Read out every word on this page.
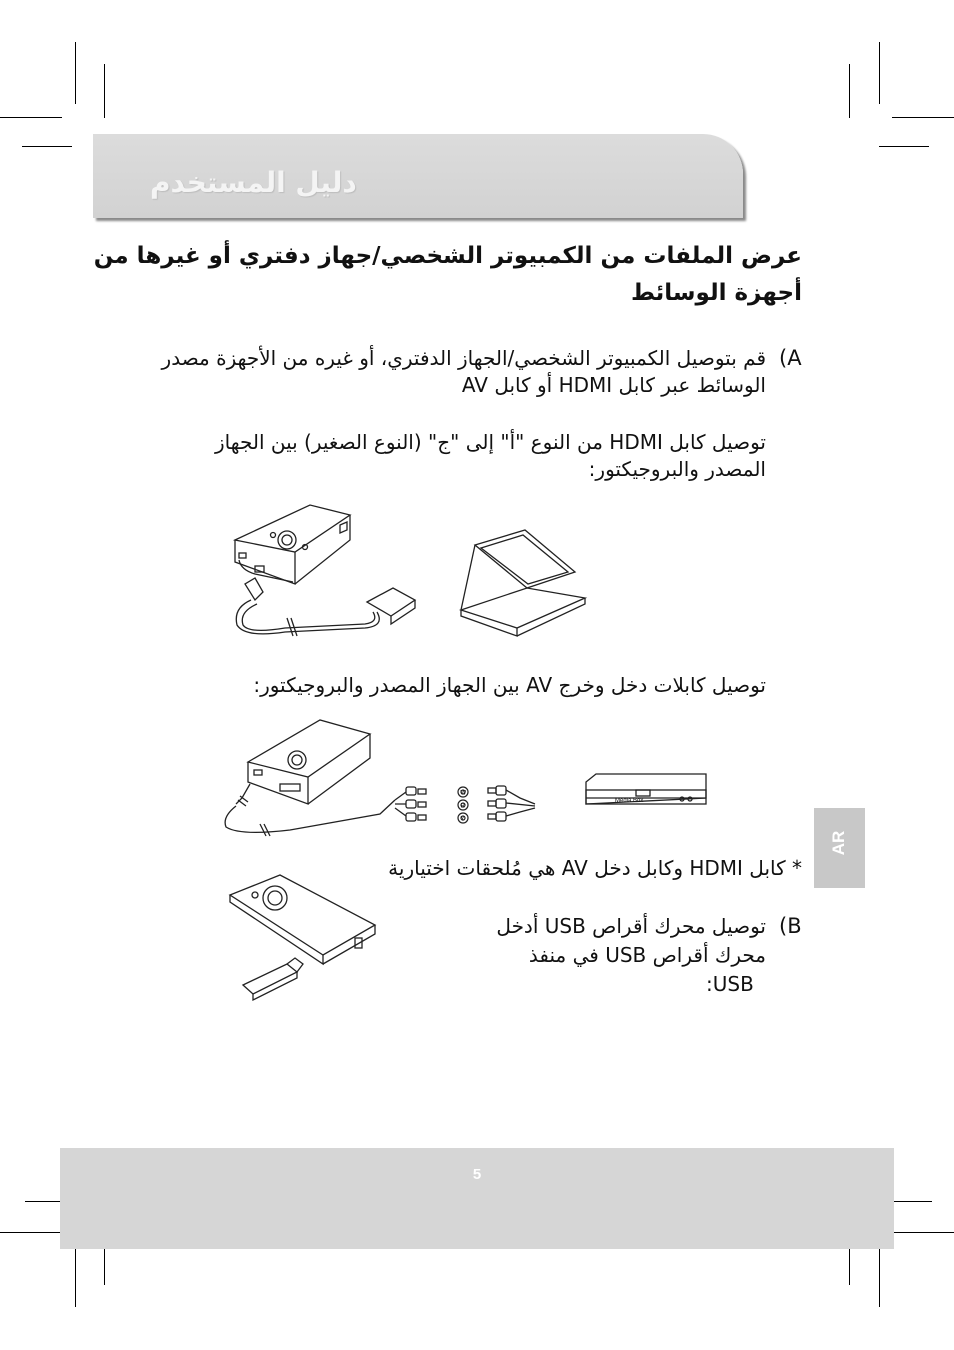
دليل المستخدم
عرض الملفات من الكمبيوتر الشخصي/جهاز دفتري أو غيرها من
أجهزة الوسائط
(A
قم بتوصيل الكمبيوتر الشخصي/الجهاز الدفتري، أو غيره من الأجهزة مصدر
الوسائط عبر كابل HDMI أو كابل AV
توصيل كابل HDMI من النوع "أ" إلى "ج" (النوع الصغير) بين الجهاز
المصدر والبروجيكتور:
توصيل كابلات دخل وخرج AV بين الجهاز المصدر والبروجيكتور:
Media Box
W
R
Y
* كابل HDMI وكابل دخل AV هي مُلحقات اختيارية
(B
توصيل محرك أقراص USB أدخل
محرك أقراص USB في منفذ
:USB
AR
5
